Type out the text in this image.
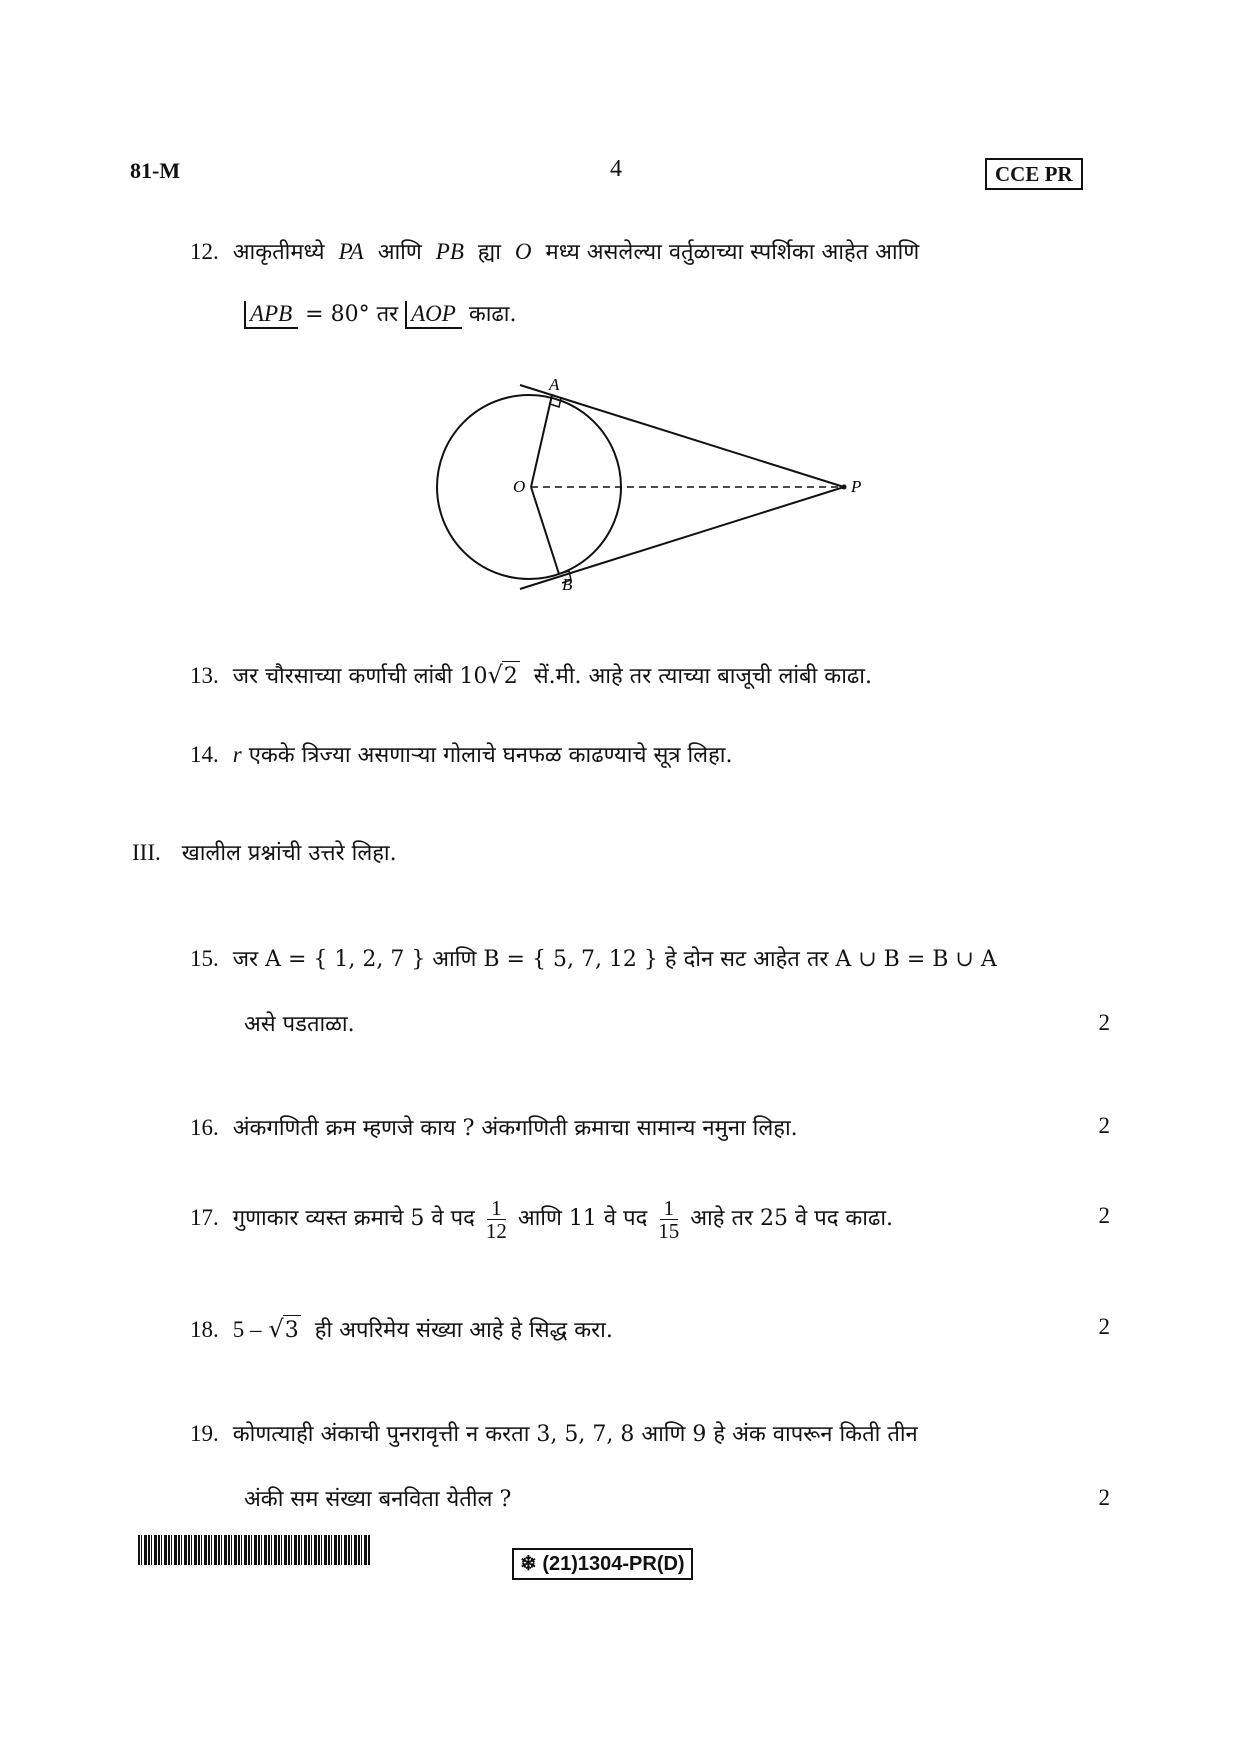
81-M	4	CCE PR
12. आकृतीमध्ये PA आणि PB ह्या O मध्य असलेल्या वर्तुळाच्या स्पर्शिका आहेत आणि
APB = 80° तर AOP काढा.
A
B
O	P
13. जर चौरसाच्या कर्णाची लांबी 10√2 सें.मी. आहे तर त्याच्या बाजूची लांबी काढा.
14. r एकके त्रिज्या असणाऱ्या गोलाचे घनफळ काढण्याचे सूत्र लिहा.
III. खालील प्रश्नांची उत्तरे लिहा.
15. जर A = { 1, 2, 7 } आणि B = { 5, 7, 12 } हे दोन सट आहेत तर A ∪ B = B ∪ A
असे पडताळा.	2
16. अंकगणिती क्रम म्हणजे काय ? अंकगणिती क्रमाचा सामान्य नमुना लिहा.	2
17. गुणाकार व्यस्त क्रमाचे 5 वे पद $\frac{1}{12}$ आणि 11 वे पद $\frac{1}{15}$ आहे तर 25 वे पद काढा.	2
18. 5 – √3 ही अपरिमेय संख्या आहे हे सिद्ध करा.	2
19. कोणत्याही अंकाची पुनरावृत्ती न करता 3, 5, 7, 8 आणि 9 हे अंक वापरून किती तीन
अंकी सम संख्या बनविता येतील ?	2
❄ (21)1304-PR(D)
